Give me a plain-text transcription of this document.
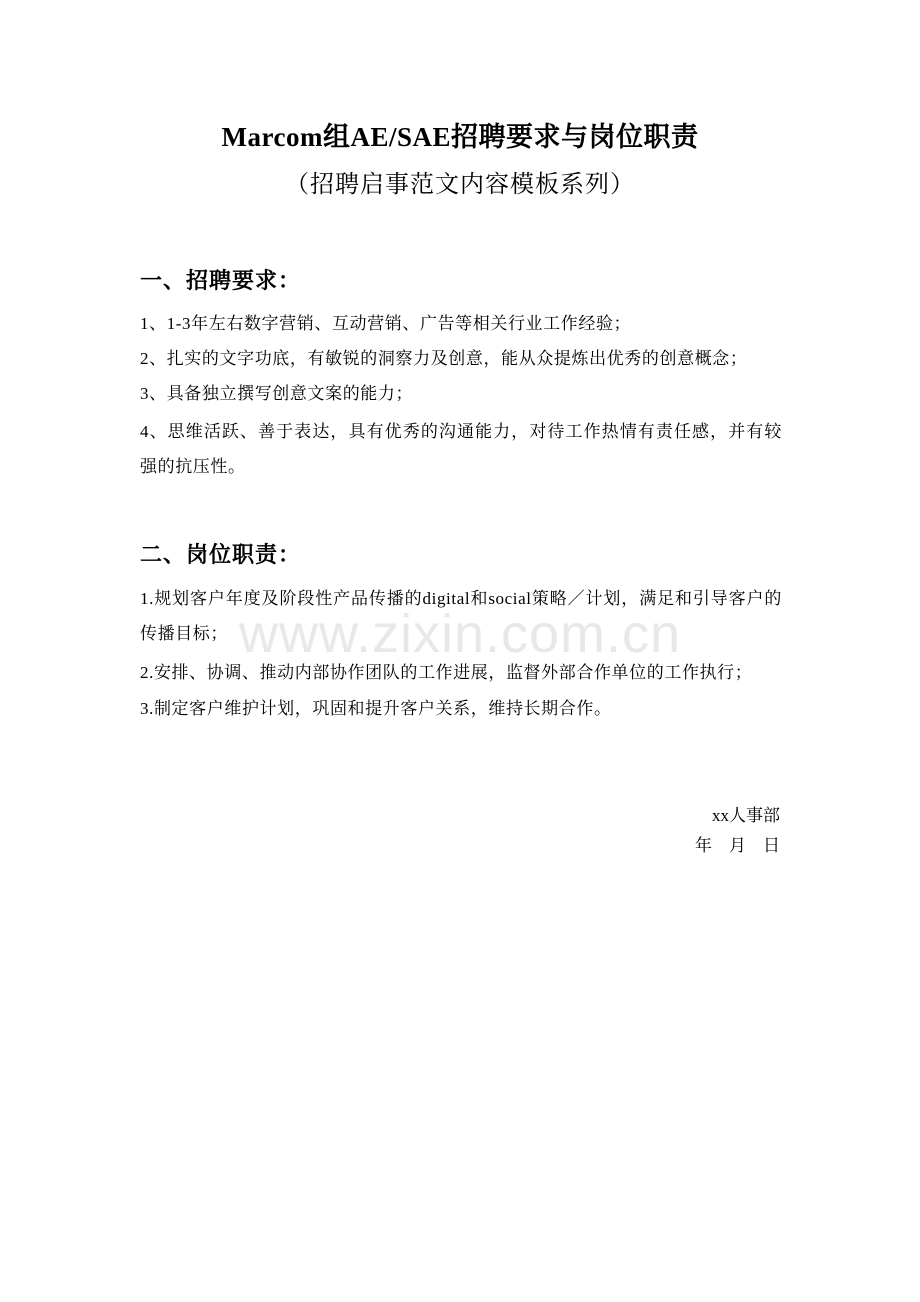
www.zixin.com.cn
Marcom组AE/SAE招聘要求与岗位职责
（招聘启事范文内容模板系列）
一、招聘要求：
1、1-3年左右数字营销、互动营销、广告等相关行业工作经验；
2、扎实的文字功底，有敏锐的洞察力及创意，能从众提炼出优秀的创意概念；
3、具备独立撰写创意文案的能力；
4、思维活跃、善于表达，具有优秀的沟通能力，对待工作热情有责任感，并有较强的抗压性。
二、岗位职责：
1.规划客户年度及阶段性产品传播的digital和social策略／计划，满足和引导客户的传播目标；
2.安排、协调、推动内部协作团队的工作进展，监督外部合作单位的工作执行；
3.制定客户维护计划，巩固和提升客户关系，维持长期合作。
xx人事部
年　月　日
